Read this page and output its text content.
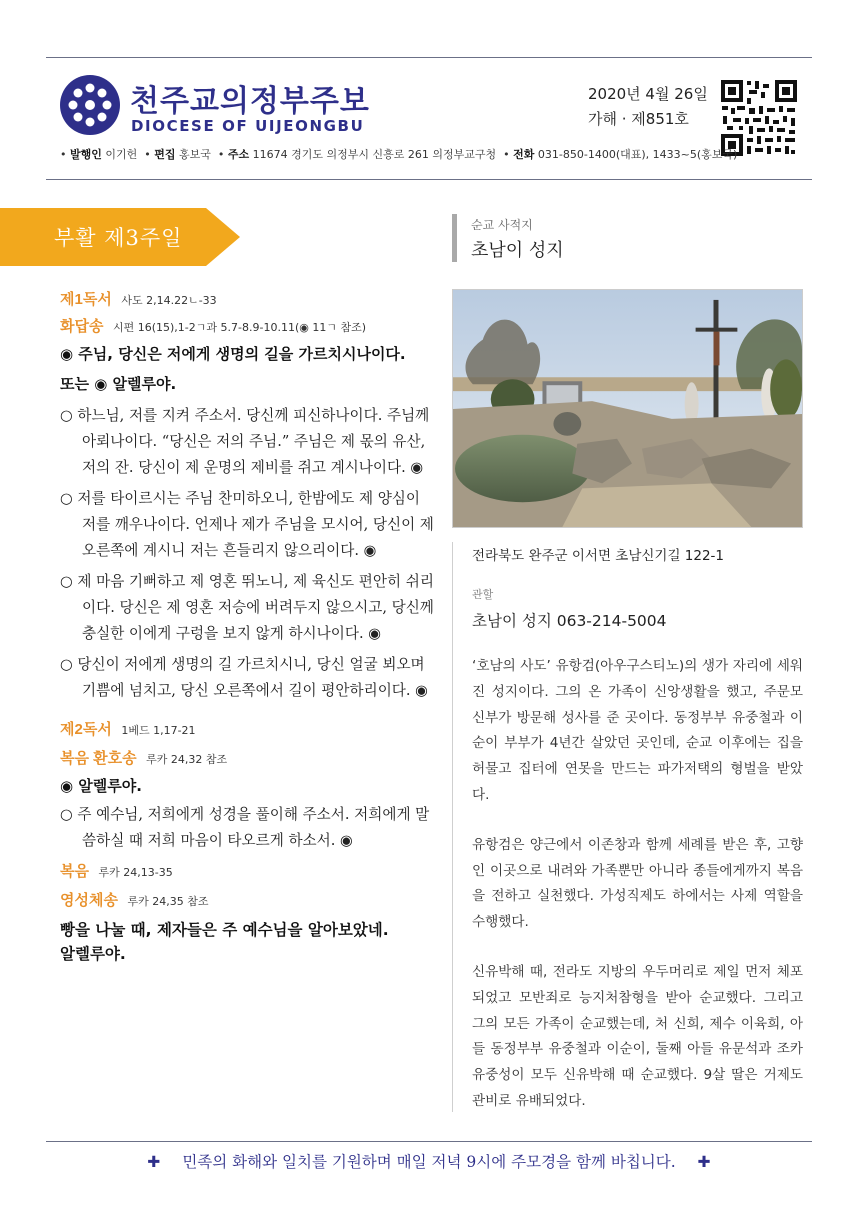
천주교의정부주보
DIOCESE OF UIJEONGBU
2020년 4월 26일
가해 · 제851호
• 발행인 이기헌  • 편집 홍보국  • 주소 11674 경기도 의정부시 신흥로 261 의정부교구청  • 전화 031-850-1400(대표), 1433~5(홍보국)
부활 제3주일
제1독서 사도 2,14.22ㄴ-33
화답송 시편 16(15),1-2ㄱ과 5.7-8.9-10.11(◉ 11ㄱ 참조)
◉ 주님, 당신은 저에게 생명의 길을 가르치시나이다.
또는 ◉ 알렐루야.
○ 하느님, 저를 지켜 주소서. 당신께 피신하나이다. 주님께 아뢰나이다. “당신은 저의 주님.” 주님은 제 몫의 유산, 저의 잔. 당신이 제 운명의 제비를 쥐고 계시나이다. ◉
○ 저를 타이르시는 주님 찬미하오니, 한밤에도 제 양심이 저를 깨우나이다. 언제나 제가 주님을 모시어, 당신이 제 오른쪽에 계시니 저는 흔들리지 않으리이다. ◉
○ 제 마음 기뻐하고 제 영혼 뛰노니, 제 육신도 편안히 쉬리이다. 당신은 제 영혼 저승에 버려두지 않으시고, 당신께 충실한 이에게 구렁을 보지 않게 하시나이다. ◉
○ 당신이 저에게 생명의 길 가르치시니, 당신 얼굴 뵈오며 기쁨에 넘치고, 당신 오른쪽에서 길이 평안하리이다. ◉
제2독서 1베드 1,17-21
복음 환호송 루카 24,32 참조
◉ 알렐루야.
○ 주 예수님, 저희에게 성경을 풀이해 주소서. 저희에게 말씀하실 때 저희 마음이 타오르게 하소서. ◉
복음 루카 24,13-35
영성체송 루카 24,35 참조
빵을 나눌 때, 제자들은 주 예수님을 알아보았네.
알렐루야.
순교 사적지
초남이 성지
전라북도 완주군 이서면 초남신기길 122-1
관할
초남이 성지 063-214-5004
‘호남의 사도’ 유항검(아우구스티노)의 생가 자리에 세워진 성지이다. 그의 온 가족이 신앙생활을 했고, 주문모 신부가 방문해 성사를 준 곳이다. 동정부부 유중철과 이순이 부부가 4년간 살았던 곳인데, 순교 이후에는 집을 허물고 집터에 연못을 만드는 파가저택의 형벌을 받았다.
유항검은 양근에서 이존창과 함께 세례를 받은 후, 고향인 이곳으로 내려와 가족뿐만 아니라 종들에게까지 복음을 전하고 실천했다. 가성직제도 하에서는 사제 역할을 수행했다.
신유박해 때, 전라도 지방의 우두머리로 제일 먼저 체포되었고 모반죄로 능지처참형을 받아 순교했다. 그리고 그의 모든 가족이 순교했는데, 처 신희, 제수 이육희, 아들 동정부부 유중철과 이순이, 둘째 아들 유문석과 조카 유중성이 모두 신유박해 때 순교했다. 9살 딸은 거제도 관비로 유배되었다.
✚ 민족의 화해와 일치를 기원하며 매일 저녁 9시에 주모경을 함께 바칩니다. ✚
